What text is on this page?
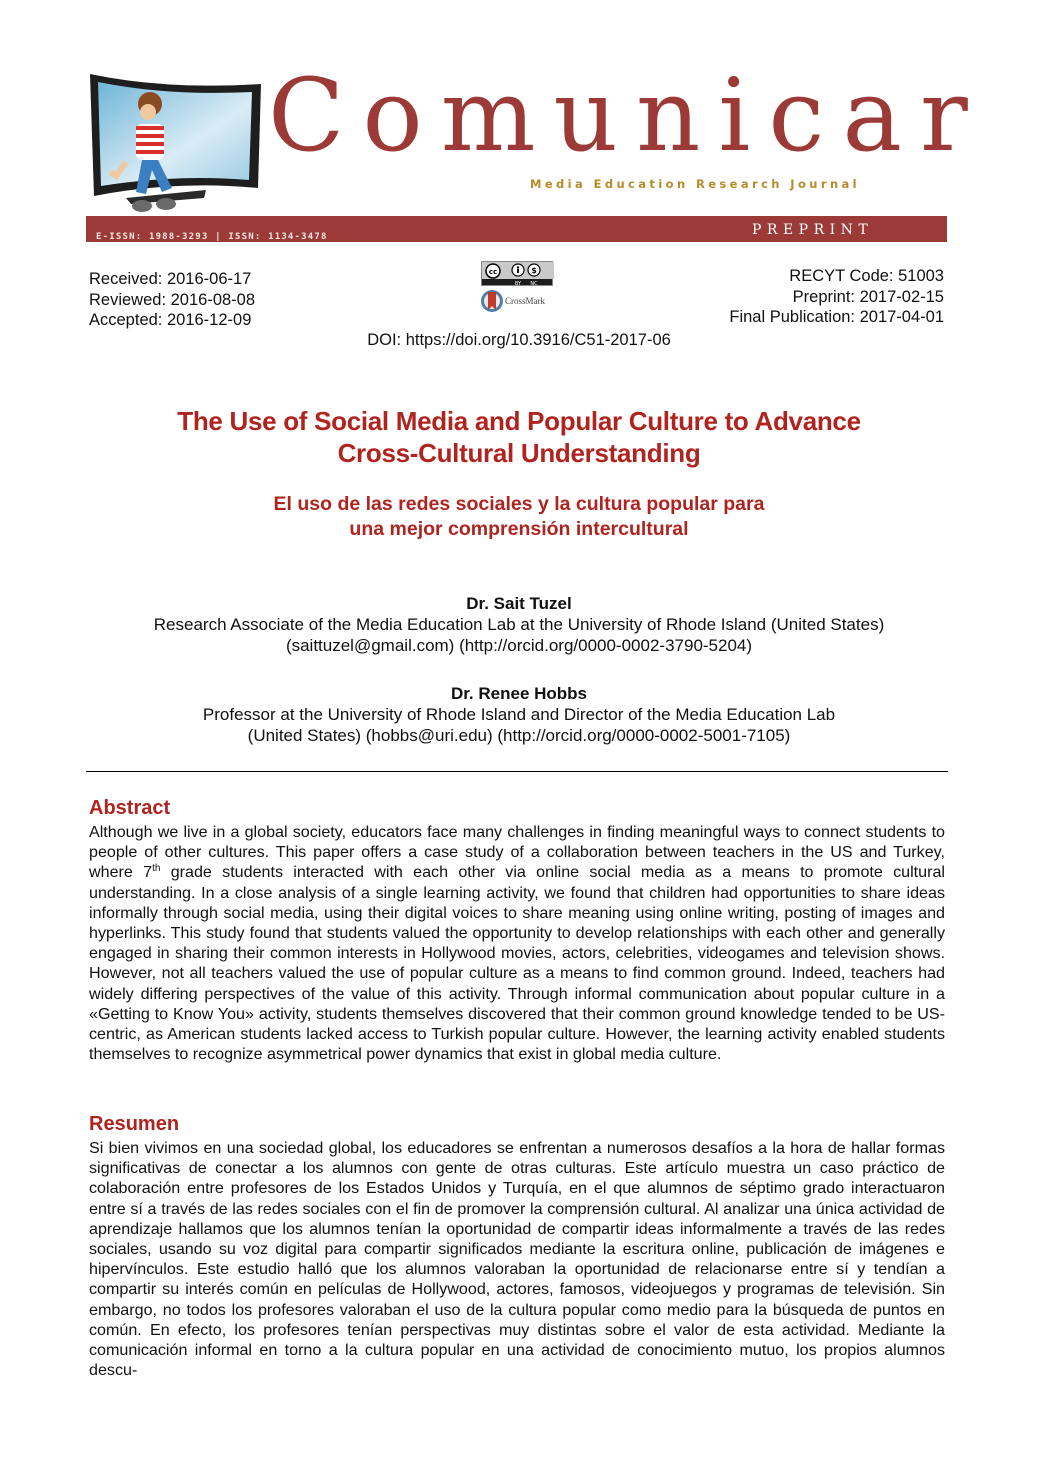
Comunicar
Media Education Research Journal
E-ISSN: 1988-3293 | ISSN: 1134-3478	PREPRINT
Received: 2016-06-17
Reviewed: 2016-08-08
Accepted: 2016-12-09
cc	$
BY NC
CrossMark
RECYT Code: 51003
Preprint: 2017-02-15
Final Publication: 2017-04-01
DOI: https://doi.org/10.3916/C51-2017-06
The Use of Social Media and Popular Culture to Advance
Cross-Cultural Understanding
El uso de las redes sociales y la cultura popular para
una mejor comprensión intercultural
Dr. Sait Tuzel
Research Associate of the Media Education Lab at the University of Rhode Island (United States)
(saittuzel@gmail.com) (http://orcid.org/0000-0002-3790-5204)
Dr. Renee Hobbs
Professor at the University of Rhode Island and Director of the Media Education Lab
(United States) (hobbs@uri.edu) (http://orcid.org/0000-0002-5001-7105)
Abstract
Although we live in a global society, educators face many challenges in finding meaningful ways to connect students to people of other cultures. This paper offers a case study of a collaboration between teachers in the US and Turkey, where 7th grade students interacted with each other via online social media as a means to promote cultural understanding. In a close analysis of a single learning activity, we found that children had opportunities to share ideas informally through social media, using their digital voices to share meaning using online writing, posting of images and hyperlinks. This study found that students valued the opportunity to develop relationships with each other and generally engaged in sharing their common interests in Hollywood movies, actors, celebrities, videogames and television shows. However, not all teachers valued the use of popular culture as a means to find common ground. Indeed, teachers had widely differing perspectives of the value of this activity. Through informal communication about popular culture in a «Getting to Know You» activity, students themselves discovered that their common ground knowledge tended to be US-centric, as American students lacked access to Turkish popular culture. However, the learning activity enabled students themselves to recognize asymmetrical power dynamics that exist in global media culture.
Resumen
Si bien vivimos en una sociedad global, los educadores se enfrentan a numerosos desafíos a la hora de hallar formas significativas de conectar a los alumnos con gente de otras culturas. Este artículo muestra un caso práctico de colaboración entre profesores de los Estados Unidos y Turquía, en el que alumnos de séptimo grado interactuaron entre sí a través de las redes sociales con el fin de promover la comprensión cultural. Al analizar una única actividad de aprendizaje hallamos que los alumnos tenían la oportunidad de compartir ideas informalmente a través de las redes sociales, usando su voz digital para compartir significados mediante la escritura online, publicación de imágenes e hipervínculos. Este estudio halló que los alumnos valoraban la oportunidad de relacionarse entre sí y tendían a compartir su interés común en películas de Hollywood, actores, famosos, videojuegos y programas de televisión. Sin embargo, no todos los profesores valoraban el uso de la cultura popular como medio para la búsqueda de puntos en común. En efecto, los profesores tenían perspectivas muy distintas sobre el valor de esta actividad. Mediante la comunicación informal en torno a la cultura popular en una actividad de conocimiento mutuo, los propios alumnos descu-
